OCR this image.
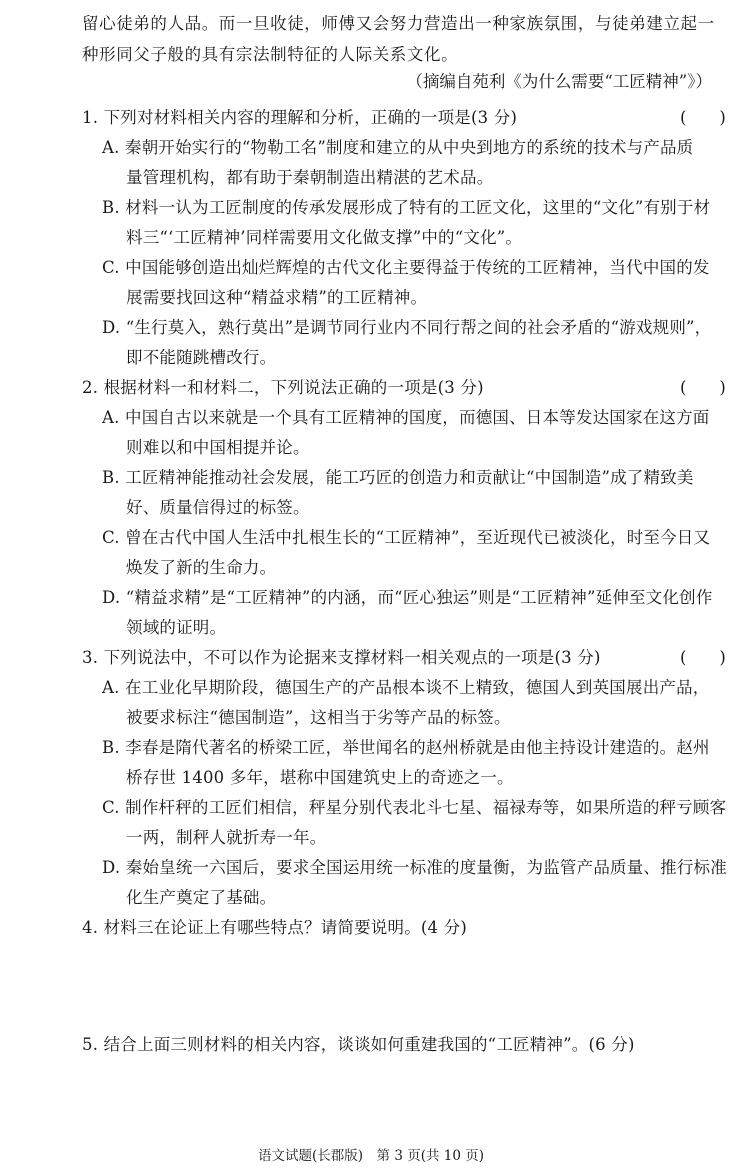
留心徒弟的人品。而一旦收徒，师傅又会努力营造出一种家族氛围，与徒弟建立起一
种形同父子般的具有宗法制特征的人际关系文化。
（摘编自苑利《为什么需要“工匠精神”》）
1. 下列对材料相关内容的理解和分析，正确的一项是(3 分)	(　　)
A. 秦朝开始实行的“物勒工名”制度和建立的从中央到地方的系统的技术与产品质
量管理机构，都有助于秦朝制造出精湛的艺术品。
B. 材料一认为工匠制度的传承发展形成了特有的工匠文化，这里的“文化”有别于材
料三“‘工匠精神’同样需要用文化做支撑”中的“文化”。
C. 中国能够创造出灿烂辉煌的古代文化主要得益于传统的工匠精神，当代中国的发
展需要找回这种“精益求精”的工匠精神。
D. “生行莫入，熟行莫出”是调节同行业内不同行帮之间的社会矛盾的“游戏规则”，
即不能随跳槽改行。
2. 根据材料一和材料二，下列说法正确的一项是(3 分)	(　　)
A. 中国自古以来就是一个具有工匠精神的国度，而德国、日本等发达国家在这方面
则难以和中国相提并论。
B. 工匠精神能推动社会发展，能工巧匠的创造力和贡献让“中国制造”成了精致美
好、质量信得过的标签。
C. 曾在古代中国人生活中扎根生长的“工匠精神”，至近现代已被淡化，时至今日又
焕发了新的生命力。
D. “精益求精”是“工匠精神”的内涵，而“匠心独运”则是“工匠精神”延伸至文化创作
领域的证明。
3. 下列说法中，不可以作为论据来支撑材料一相关观点的一项是(3 分)	(　　)
A. 在工业化早期阶段，德国生产的产品根本谈不上精致，德国人到英国展出产品，
被要求标注“德国制造”，这相当于劣等产品的标签。
B. 李春是隋代著名的桥梁工匠，举世闻名的赵州桥就是由他主持设计建造的。赵州
桥存世 1400 多年，堪称中国建筑史上的奇迹之一。
C. 制作杆秤的工匠们相信，秤星分别代表北斗七星、福禄寿等，如果所造的秤亏顾客
一两，制秤人就折寿一年。
D. 秦始皇统一六国后，要求全国运用统一标准的度量衡，为监管产品质量、推行标准
化生产奠定了基础。
4. 材料三在论证上有哪些特点？请简要说明。(4 分)
5. 结合上面三则材料的相关内容，谈谈如何重建我国的“工匠精神”。(6 分)
语文试题(长郡版)　第 3 页(共 10 页)
